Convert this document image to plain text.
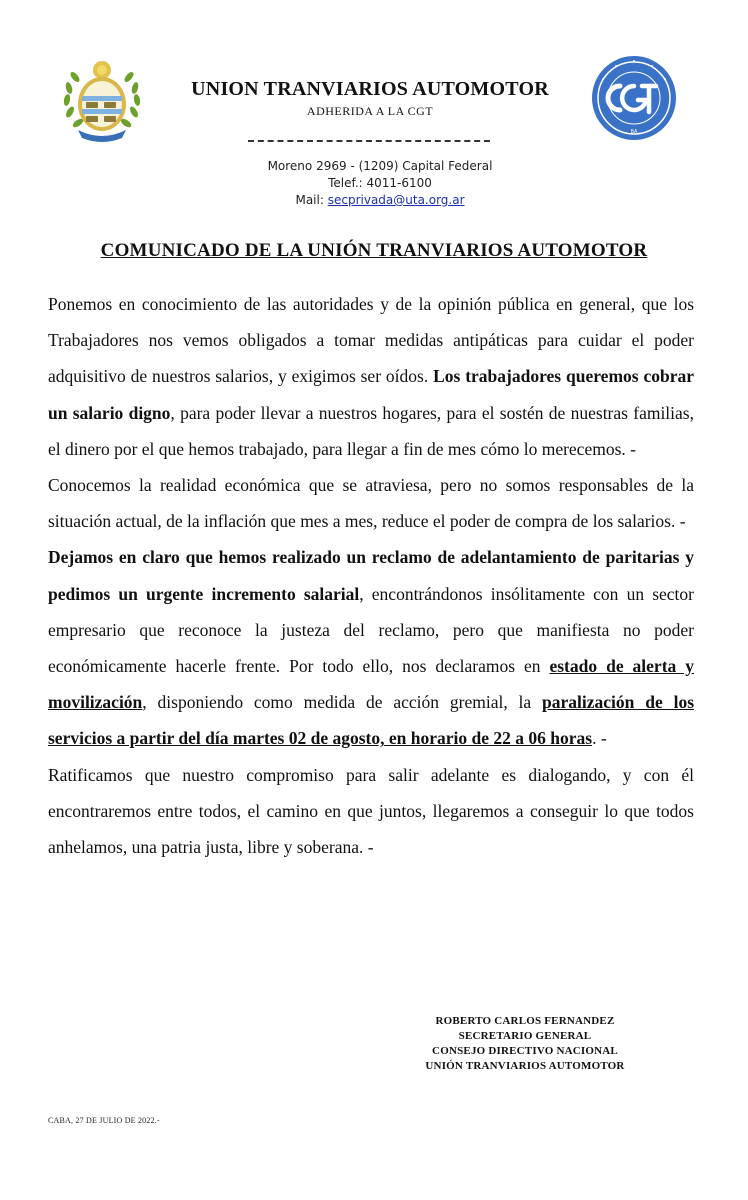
BA
UNION TRANVIARIOS AUTOMOTOR
ADHERIDA A LA CGT
Moreno 2969 - (1209) Capital Federal
Telef.: 4011-6100
Mail: secprivada@uta.org.ar
COMUNICADO DE LA UNIÓN TRANVIARIOS AUTOMOTOR

Ponemos en conocimiento de las autoridades y de la opinión pública en general, que los Trabajadores nos vemos obligados a tomar medidas antipáticas para cuidar el poder adquisitivo de nuestros salarios, y exigimos ser oídos. Los trabajadores queremos cobrar un salario digno, para poder llevar a nuestros hogares, para el sostén de nuestras familias, el dinero por el que hemos trabajado, para llegar a fin de mes cómo lo merecemos. -

Conocemos la realidad económica que se atraviesa, pero no somos responsables de la situación actual, de la inflación que mes a mes, reduce el poder de compra de los salarios. -

Dejamos en claro que hemos realizado un reclamo de adelantamiento de paritarias y pedimos un urgente incremento salarial, encontrándonos insólitamente con un sector empresario que reconoce la justeza del reclamo, pero que manifiesta no poder económicamente hacerle frente. Por todo ello, nos declaramos en estado de alerta y movilización, disponiendo como medida de acción gremial, la paralización de los servicios a partir del día martes 02 de agosto, en horario de 22 a 06 horas. -

Ratificamos que nuestro compromiso para salir adelante es dialogando, y con él encontraremos entre todos, el camino en que juntos, llegaremos a conseguir lo que todos anhelamos, una patria justa, libre y soberana. -

ROBERTO CARLOS FERNANDEZ
SECRETARIO GENERAL
CONSEJO DIRECTIVO NACIONAL
UNIÓN TRANVIARIOS AUTOMOTOR
CABA, 27 DE JULIO DE 2022.-
